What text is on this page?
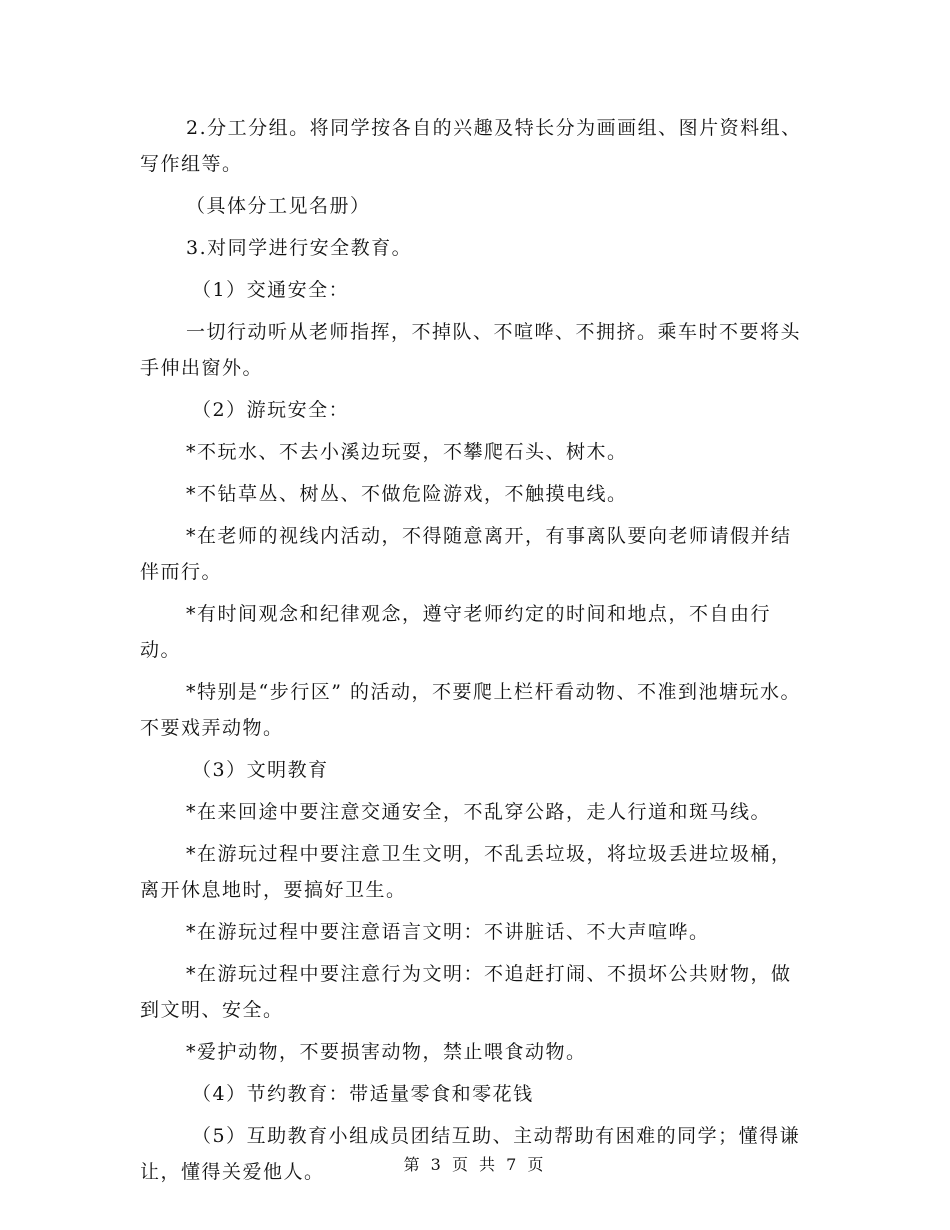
2.分工分组。将同学按各自的兴趣及特长分为画画组、图片资料组、写作组等。

（具体分工见名册）

3.对同学进行安全教育。

（1）交通安全：

一切行动听从老师指挥，不掉队、不喧哗、不拥挤。乘车时不要将头手伸出窗外。

（2）游玩安全：

*不玩水、不去小溪边玩耍，不攀爬石头、树木。

*不钻草丛、树丛、不做危险游戏，不触摸电线。

*在老师的视线内活动，不得随意离开，有事离队要向老师请假并结伴而行。

*有时间观念和纪律观念，遵守老师约定的时间和地点，不自由行动。

*特别是“步行区” 的活动，不要爬上栏杆看动物、不准到池塘玩水。不要戏弄动物。

（3）文明教育

*在来回途中要注意交通安全，不乱穿公路，走人行道和斑马线。

*在游玩过程中要注意卫生文明，不乱丢垃圾，将垃圾丢进垃圾桶，离开休息地时，要搞好卫生。

*在游玩过程中要注意语言文明：不讲脏话、不大声喧哗。

*在游玩过程中要注意行为文明：不追赶打闹、不损坏公共财物，做到文明、安全。

*爱护动物，不要损害动物，禁止喂食动物。

（4）节约教育：带适量零食和零花钱

（5）互助教育小组成员团结互助、主动帮助有困难的同学；懂得谦让，懂得关爱他人。	第 3 页 共 7 页
